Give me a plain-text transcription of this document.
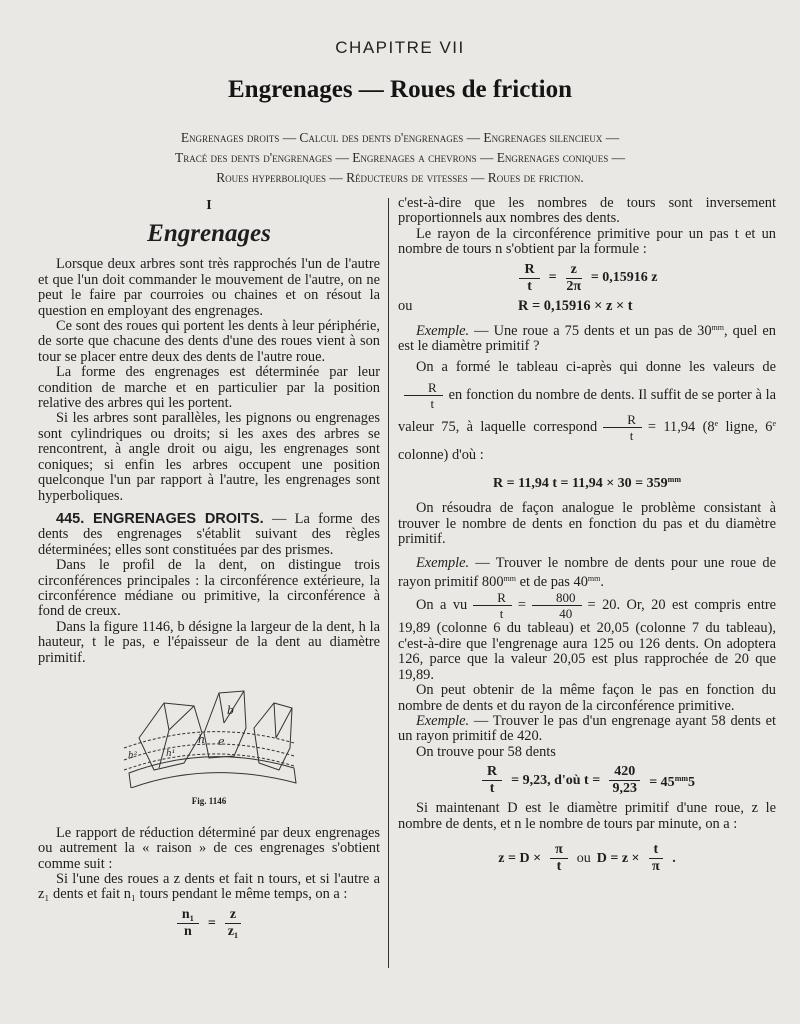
CHAPITRE VII
Engrenages — Roues de friction
Engrenages droits — Calcul des dents d'engrenages — Engrenages silencieux —
Tracé des dents d'engrenages — Engrenages a chevrons — Engrenages coniques —
Roues hyperboliques — Réducteurs de vitesses — Roues de friction.
I
Engrenages

Lorsque deux arbres sont très rapprochés l'un de l'autre et que l'un doit commander le mouvement de l'autre, on ne peut le faire par courroies ou chaines et on résout la question en employant des engrenages.

Ce sont des roues qui portent les dents à leur périphérie, de sorte que chacune des dents d'une des roues vient à son tour se placer entre deux des dents de l'autre roue.

La forme des engrenages est déterminée par leur condition de marche et en particulier par la position relative des arbres qui les portent.

Si les arbres sont parallèles, les pignons ou engrenages sont cylindriques ou droits; si les axes des arbres se rencontrent, à angle droit ou aigu, les engrenages sont coniques; si enfin les arbres occupent une position quelconque l'un par rapport à l'autre, les engrenages sont hyperboliques.

445. ENGRENAGES DROITS. — La forme des dents des engrenages s'établit suivant des règles déterminées; elles sont constituées par des prismes.

Dans le profil de la dent, on distingue trois circonférences principales : la circonférence extérieure, la circonférence médiane ou primitive, la circonférence à fond de creux.

Dans la figure 1146, b désigne la largeur de la dent, h la hauteur, t le pas, e l'épaisseur de la dent au diamètre primitif.

b
h e
h¹
h²
Fig. 1146

Le rapport de réduction déterminé par deux engrenages ou autrement la « raison » de ces engrenages s'obtient comme suit :

Si l'une des roues a z dents et fait n tours, et si l'autre a z₁ dents et fait n₁ tours pendant le même temps, on a :

$\frac{\text{n₁}}{n} = \frac{z}{\text{z₁}}$

c'est-à-dire que les nombres de tours sont inversement proportionnels aux nombres des dents.

Le rayon de la circonférence primitive pour un pas t et un nombre de tours n s'obtient par la formule :

$\frac{R}{t} = \frac{z}{2\pi} = 0,15916$ z
ou	R = 0,15916 × z × t

Exemple. — Une roue a 75 dents et un pas de $30^{mm}$, quel en est le diamètre primitif ?

On a formé le tableau ci-après qui donne les valeurs de
$\frac{R}{t}$ en fonction du nombre de dents. Il suffit de se porter à la valeur 75, à laquelle correspond $\frac{R}{t} = 11,94$ (8e ligne, 6e colonne) d'où :

R = 11,94 $t = 11,94 \times 30 = 359^{mm}$

On résoudra de façon analogue le problème consistant à trouver le nombre de dents en fonction du pas et du diamètre primitif.

Exemple. — Trouver le nombre de dents pour une roue de rayon primitif $800^{mm}$ et de pas $40^{mm}$.

On a vu $\frac{R}{t} = \frac{800}{40} = 20$. Or, 20 est compris entre 19,89 (colonne 6 du tableau) et 20,05 (colonne 7 du tableau), c'est-à-dire que l'engrenage aura 125 ou 126 dents. On adoptera 126, parce que la valeur 20,05 est plus rapprochée de 20 que 19,89.

On peut obtenir de la même façon le pas en fonction du nombre de dents et du rayon de la circonférence primitive.

Exemple. — Trouver le pas d'un engrenage ayant 58 dents et un rayon primitif de 420.

On trouve pour 58 dents

$\frac{R}{t} = 9,23$, d'où $t = \frac{420}{9,23} = 45^{mm}5$

Si maintenant D est le diamètre primitif d'une roue, z le nombre de dents, et n le nombre de tours par minute, on a :

$z = D \times \frac{\pi}{t}$ ou $D = z \times \frac{t}{\pi}$ .
